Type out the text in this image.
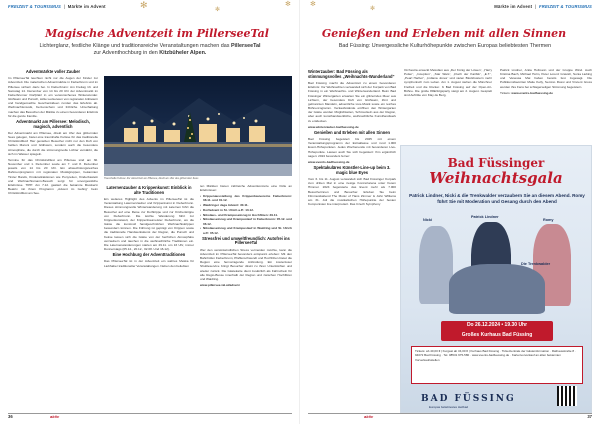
FREIZEIT & TOURISMUS  |  Märkte im Advent	✻	✻
✻
Magische Adventzeit im PillerseeTal
Lichterglanz, festliche Klänge und traditionsreiche Veranstaltungen machen das PillerseeTal
zur Adventhochburg in den Kitzbüheler Alpen.
Adventmärkte voller Zauber

Im PillerseeTal leuchten nicht nur die Augen der Kinder zur Adventzeit. Die malerischen Adventmärkte in Fieberbrunn und im Pillersee sichern dazu bei. In Fieberbrunn: Am Freitag 13. und Samstag 14. Dezember von 14 bis 20 Uhr der Adventmarkt im Fieberbrunner Dorfplatz in ein verwunschenes Winterwunder. Glühwein und Punsch, süße Leckereien von regionalen Anbietern und handgemachte Geschenkideen runden das Erlebnis ab. Weihnachtsmusik, Kerzenschein und fröhliche Unterhaltung machen das Besuchen der Märkte zu einem besonderen Erlebnis für die ganze Familie.

Adventmarkt am Pillersee: Melodisch, magisch, adventlich

Der Adventmarkt am Pillersee, direkt am Ufer des glitzernden Sees gelegen, bietet eine traumhafte Kulisse für das traditionelle Christkindlfest! Hier genießen Besucher nicht nur den Duft von heißen Maroni und Glühwein, sondern auch die besondere Atmosphäre, die durch die stimmungsvolle Lichter verstärkt, die sich im Wasser spiegeln.

Termine für das Christkindlfest am Pillersee sind am 30. November und 1. Dezember sowie am 7. und 8. Dezember jeweils von 14 bis 20 Uhr. Ein abwechslungsreiches Rahmenprogramm mit regionalen Musikgruppen, bekannten Tiroler Bands, Kinderattraktionen wie Ponyreiten, Kinderbasteln und Weihnachtsmann-Besuch sorgt für unvergessliche Erlebnisse. TIPP: Am 7.12. gastiert die bekannte Musikerin Beatrix mit ihrem Programm „Advent im Gebirg“ beim Christkindlfest am See.

Traumhafte Kulisse: Zur Adventzeit am Pillersee, direkt am Ufer des glitzernden Sees
Laternenzauber & Krippenkunst: Einblick in alte Traditionen

Ein weiteres Highlight des Advents im PillerseeTal ist die Veranstaltung Laternenzauber und Krippenkunst in Fieberbrunn. Dieses stimmungsvolle Winterwanderung mit Laternen führt die Besucher auf eine Reise zur Dorfkrippe und zur Kirchenkrippe von Fieberbrunn. Die leichte Wanderung führt zur Krippenkunstwelt, der Krippenbaumeister Fieberbrunn, wo die Gäste die kunstvoll handgeschnitzten Weihnachtskrippen bewundern können. Die Führung ist geprägt von Krippen sowie die traditionelle Handwerkskunst der Region, die Punsch und Kekse lassen sich die Gäste von der herrlichen Atmosphäre verzaubern und tauchen in die weihnachtliche Traditionen ein. Die Laternenwanderungen starten am 29.11. um 16 Uhr, immer Donnerstags (05.12., 20.12., 02.08. Und 16.12).

Eine Hochburg der Adventtraditionen

Das PillerseeTal ist in der Adventzeit ein wahres Mekka für Liebhaber traditioneller Veranstaltungen. Neben den beliebten

ten Märkten bieten zahlreiche Adventkonzerte eine Fülle an Erlebnissen:

• Krippenausstellung des Krippenbauvereins Fieberbrunn: 08.11. und 01.12.
• Waidringer Jaga Advent: 30.11.
• Dorfadvent in St. Ulrich a.P.: 10.12.
• Nikolaus- und Krampuseinzug in Hochfilzen: 29.11.
• Nikolauseinzug und Krampuslauf in Fieberbrunn: 05.12. und 06.12.
• Nikolauseinzug und Krampuslauf in Waidring und St. Ulrich a.P.: 05.12.
Stressfrei und umweltfreundlich: Autofrei ins PillerseeTal

Wer den verwinkelndlichen Stress vermeiden möchte, kann die Adventzeit im PillerseeTal besonders entspannt erleben: Mit den Bahnhöfen Fieberbrunn, Pfaffenschwendt und Hochfilzen bietet die Region eine hervorragende Anbindung. Ein kostenloser Shuttleservice bringt Besucher direkt zu ihren Unterkünften und wieder zurück. Die Gästekarte dient zusätzlich als Fahrschein für alle Regio-Busse innerhalb der Region und zwischen Hochfilzen und Waidring.

www.pillersee-tal.at/advent

36	aktiv
Märkte im Advent  |  FREIZEIT & TOURISMUS
✻
✻
Genießen und Erleben mit allen Sinnen
Bad Füssing: Unvergessliche Kulturhöhepunkte zwischen Europas beliebtesten Thermen
Winterzauber: Bad Füssing als stimmungsvolles „Weihnachts-Wunderland“

Bad Füssing macht die Adventzeit zu einem besonderen Erlebnis: Vor Weihnachten verwandelt sich der Kurpark von Bad Füssing in ein Weihnachts- und Winterwunderland. Beim Bad Füssinger Wintergarten erwarten Sie ein glitzerndes Meer aus Lichtern, der besondere Duft von Glühwein, Zimt und gebrannten Mandeln, adventliche Live-Musik sowie ein reiches Bühnenrogramm. Verkaufsstände eröffnen den Wintergarten der Gäste werden Möglichkeiten, Schmuckeln aus der Region, aber auch kunsthandwerkliche, weihnachtliche Kunsthandwerk zu entdecken.

www.winterzauber-badfuessing.de

Genießen und Erleben mit allen Sinnen

Bad Füssing begeistert bis 2025 mit einem Veranstaltungsprogramm der Extraklasse und rund 1.000 Event-Höhepunkten. Jedes Wochenende mit besonderen Live-Höhepunkte. Lassen auch Sie sich begeistert: Ihm ergänzlich sagen: 2024 besonders ferner:

www.events-badfuessing.de

Spektakuläres Künstler-Line-up beim 3. magic blue Eyes

Vom 6. bis 11. August verwandelt sich Bad Füssinger Kurpark zum dritten Mal in eine riesige Konzertarena unter freiem Himmel. 2024 begeisterte das Event mehr als 7.000 Besucherinnen und Besucher. Erleben Sie beim Filmmusikabend The Music of Hans Zimmer & John Williams am 31. Juli die musikalischen Höhepunkte der besten Komponisten live interpretiert. Das Czech Symphony

Orchestra erweckt Melodien aus „Der König der Löwen“, „Harry Potter“, „Inception“, „Star Wars“, „Fluch der Karibik“, „E.T.“, „Pearl Harbor“, „Indiana Jones“ und vielen Blockbustern mehr symphonisch zum Leben. Am 1. August stehen die Münchner Freiheit und die Rocker. ß Bad Füssing auf der Open-Air-Bühne. Die große 80Erfolgsparty steigt am 2. August. Gespielt sind Auftritte von Klay de Berg,

Patrick Lindner, Anita Hofmann und der Gruppe Wind. Auch Kristina Bach, Michael Holm, Peter Lorenz Gravish, Sonia Liebing und Vanessa Mai haben bereits fest zugesagt. Die Publikumsfavoriten Maite Kelly, Semino Rossi und Vincent Gross werden ihre Fans bei schlagerseligen Stimmung begeistern.

Tickets: www.events-badfuessing.de

Bad Füssinger
Weihnachtsgala
Patrick Lindner, Nicki & die Trenkwalder verzaubern Sie an diesem Abend. Romy führt Sie mit Moderation und Gesang durch den Abend
Nicki
Patrick Lindner
Romy
Die Trenkwalder
Do 26.12.2024 • 19.30 Uhr
Großes Kurhaus Bad Füssing
Tickets: ab 40,00 € | Kurgast ab 34,00 € | Kurhaus Bad Füssing · Ticketzentrale der Gästeinformation · Rathausstraße 8 · 94072 Bad Füssing · Tel. 08531 975-580 · www.events-badfuessing.de · Kartenvorverkauf an allen bekannten Vorverkaufsstellen
BAD FÜSSING
Europas beliebtestes Heilbad
aktiv	37
